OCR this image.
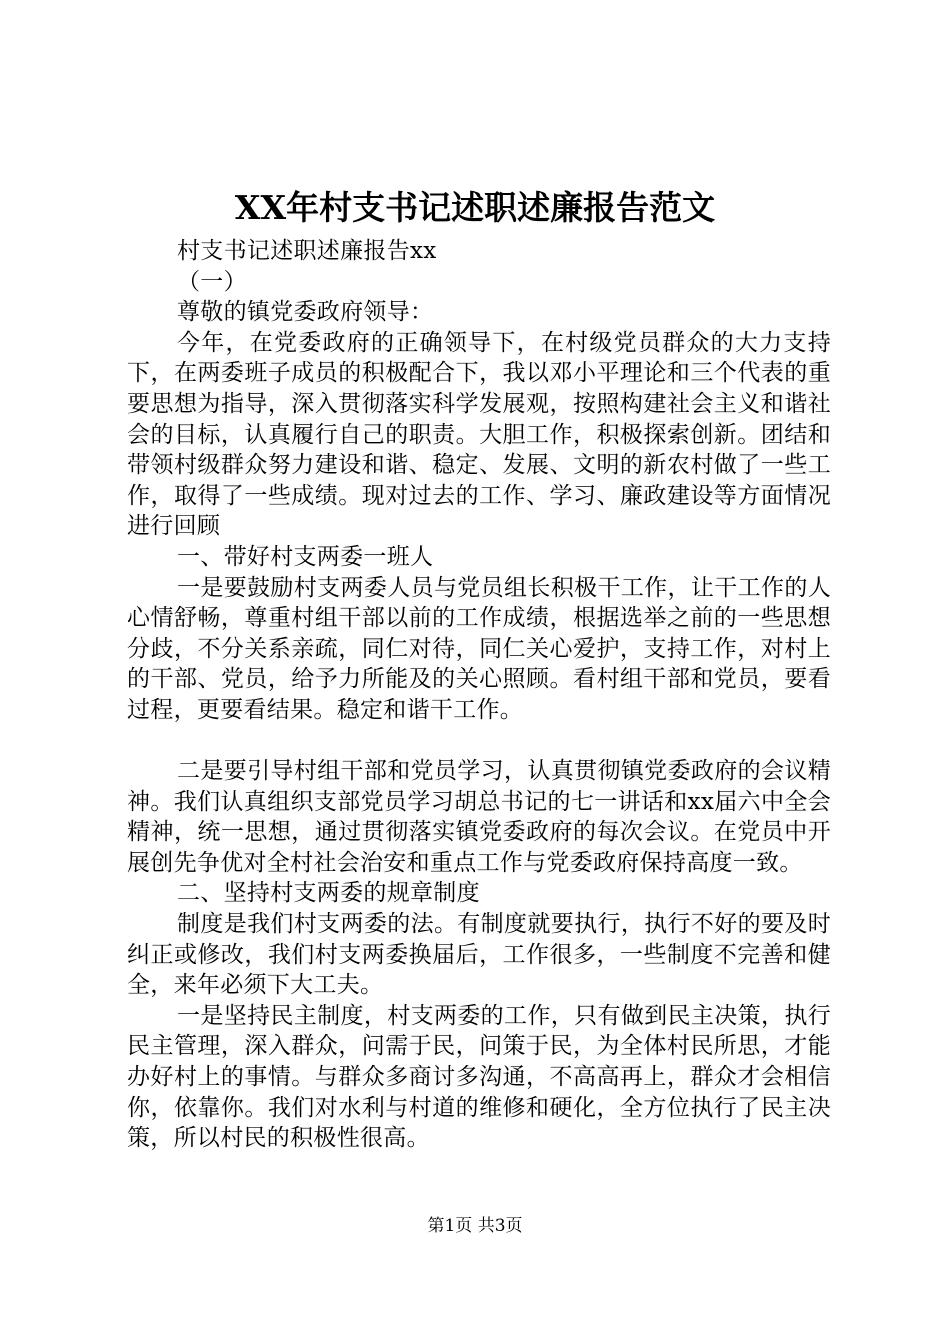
XX年村支书记述职述廉报告范文

村支书记述职述廉报告xx

（一）

尊敬的镇党委政府领导：

今年，在党委政府的正确领导下，在村级党员群众的大力支持下，在两委班子成员的积极配合下，我以邓小平理论和三个代表的重要思想为指导，深入贯彻落实科学发展观，按照构建社会主义和谐社会的目标，认真履行自己的职责。大胆工作，积极探索创新。团结和带领村级群众努力建设和谐、稳定、发展、文明的新农村做了一些工作，取得了一些成绩。现对过去的工作、学习、廉政建设等方面情况进行回顾

一、带好村支两委一班人

一是要鼓励村支两委人员与党员组长积极干工作，让干工作的人心情舒畅，尊重村组干部以前的工作成绩，根据选举之前的一些思想分歧，不分关系亲疏，同仁对待，同仁关心爱护，支持工作，对村上的干部、党员，给予力所能及的关心照顾。看村组干部和党员，要看过程，更要看结果。稳定和谐干工作。

二是要引导村组干部和党员学习，认真贯彻镇党委政府的会议精神。我们认真组织支部党员学习胡总书记的七一讲话和xx届六中全会精神，统一思想，通过贯彻落实镇党委政府的每次会议。在党员中开展创先争优对全村社会治安和重点工作与党委政府保持高度一致。

二、坚持村支两委的规章制度

制度是我们村支两委的法。有制度就要执行，执行不好的要及时纠正或修改，我们村支两委换届后，工作很多，一些制度不完善和健全，来年必须下大工夫。

一是坚持民主制度，村支两委的工作，只有做到民主决策，执行民主管理，深入群众，问需于民，问策于民，为全体村民所思，才能办好村上的事情。与群众多商讨多沟通，不高高再上，群众才会相信你，依靠你。我们对水利与村道的维修和硬化，全方位执行了民主决策，所以村民的积极性很高。

第1页 共3页
